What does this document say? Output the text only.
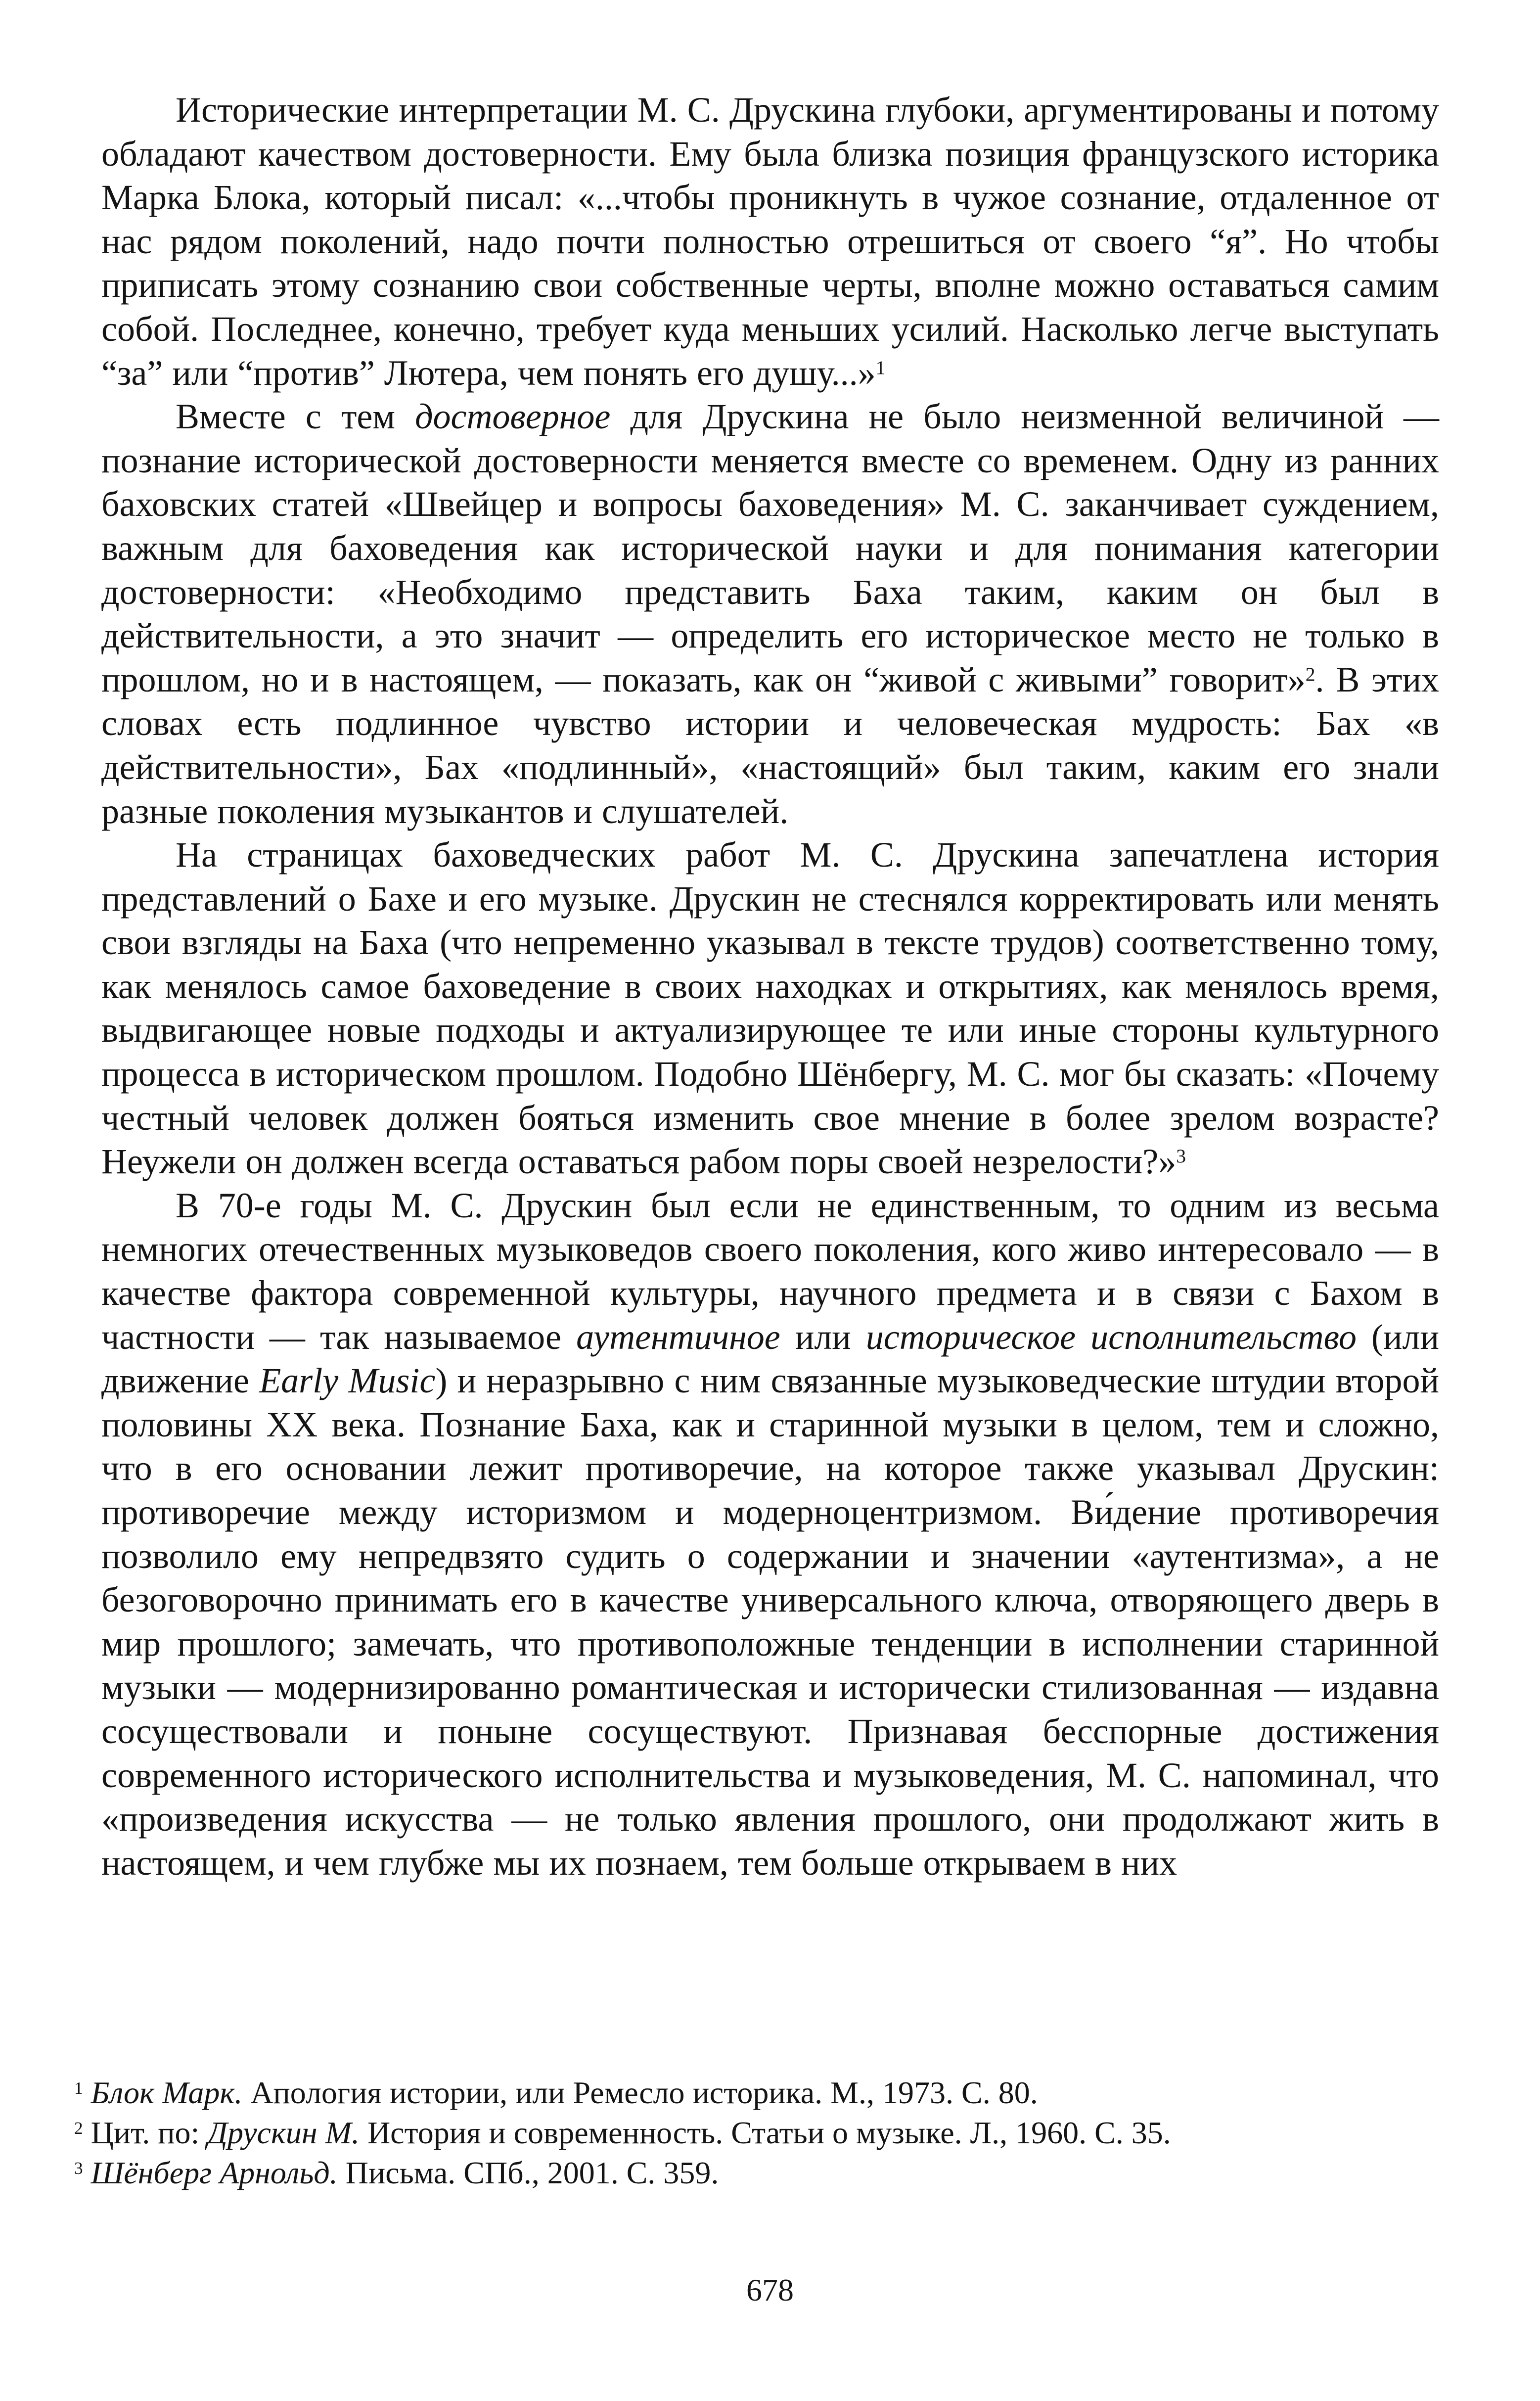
Исторические интерпретации М. С. Друскина глубоки, аргументированы и потому обладают качеством достоверности. Ему была близка позиция французского историка Марка Блока, который писал: «...чтобы проникнуть в чужое сознание, отдаленное от нас рядом поколений, надо почти полностью отрешиться от своего “я”. Но чтобы приписать этому сознанию свои собственные черты, вполне можно оставаться самим собой. Последнее, конечно, требует куда меньших усилий. Насколько легче выступать “за” или “против” Лютера, чем понять его душу...»$^1$

Вместе с тем достоверное для Друскина не было неизменной величиной — познание исторической достоверности меняется вместе со временем. Одну из ранних баховских статей «Швейцер и вопросы баховедения» М. С. заканчивает суждением, важным для баховедения как исторической науки и для понимания категории достоверности: «Необходимо представить Баха таким, каким он был в действительности, а это значит — определить его историческое место не только в прошлом, но и в настоящем, — показать, как он “живой с живыми” говорит»$^2$. В этих словах есть подлинное чувство истории и человеческая мудрость: Бах «в действительности», Бах «подлинный», «настоящий» был таким, каким его знали разные поколения музыкантов и слушателей.

На страницах баховедческих работ М. С. Друскина запечатлена история представлений о Бахе и его музыке. Друскин не стеснялся корректировать или менять свои взгляды на Баха (что непременно указывал в тексте трудов) соответственно тому, как менялось самое баховедение в своих находках и открытиях, как менялось время, выдвигающее новые подходы и актуализирующее те или иные стороны культурного процесса в историческом прошлом. Подобно Шёнбергу, М. С. мог бы сказать: «Почему честный человек должен бояться изменить свое мнение в более зрелом возрасте? Неужели он должен всегда оставаться рабом поры своей незрелости?»$^3$

В 70-е годы М. С. Друскин был если не единственным, то одним из весьма немногих отечественных музыковедов своего поколения, кого живо интересовало — в качестве фактора современной культуры, научного предмета и в связи с Бахом в частности — так называемое аутентичное или историческое исполнительство (или движение Early Music) и неразрывно с ним связанные музыковедческие штудии второй половины XX века. Познание Баха, как и старинной музыки в целом, тем и сложно, что в его основании лежит противоречие, на которое также указывал Друскин: противоречие между историзмом и модерноцентризмом. Ви́дение противоречия позволило ему непредвзято судить о содержании и значении «аутентизма», а не безоговорочно принимать его в качестве универсального ключа, отворяющего дверь в мир прошлого; замечать, что противоположные тенденции в исполнении старинной музыки — модернизированно романтическая и исторически стилизованная — издавна сосуществовали и поныне сосуществуют. Признавая бесспорные достижения современного исторического исполнительства и музыковедения, М. С. напоминал, что «произведения искусства — не только явления прошлого, они продолжают жить в настоящем, и чем глубже мы их познаем, тем больше открываем в них

$^1$ Блок Марк. Апология истории, или Ремесло историка. М., 1973. С. 80.

$^2$ Цит. по: Друскин М. История и современность. Статьи о музыке. Л., 1960. С. 35.

$^3$ Шёнберг Арнольд. Письма. СПб., 2001. С. 359.

678
